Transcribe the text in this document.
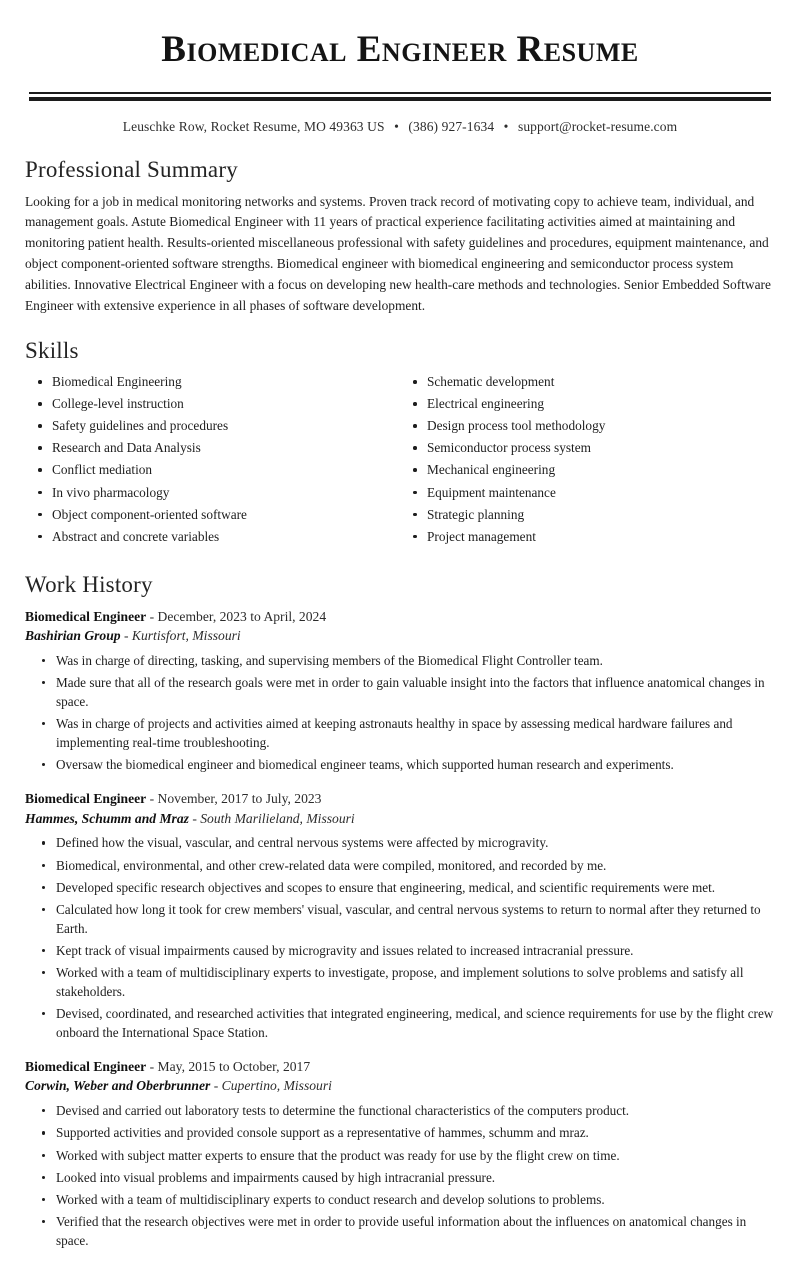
Biomedical Engineer Resume
Leuschke Row, Rocket Resume, MO 49363 US • (386) 927-1634 • support@rocket-resume.com
Professional Summary

Looking for a job in medical monitoring networks and systems. Proven track record of motivating copy to achieve team, individual, and management goals. Astute Biomedical Engineer with 11 years of practical experience facilitating activities aimed at maintaining and monitoring patient health. Results-oriented miscellaneous professional with safety guidelines and procedures, equipment maintenance, and object component-oriented software strengths. Biomedical engineer with biomedical engineering and semiconductor process system abilities. Innovative Electrical Engineer with a focus on developing new health-care methods and technologies. Senior Embedded Software Engineer with extensive experience in all phases of software development.

Skills
Biomedical Engineering
College-level instruction
Safety guidelines and procedures
Research and Data Analysis
Conflict mediation
In vivo pharmacology
Object component-oriented software
Abstract and concrete variables
Schematic development
Electrical engineering
Design process tool methodology
Semiconductor process system
Mechanical engineering
Equipment maintenance
Strategic planning
Project management
Work History
Biomedical Engineer - December, 2023 to April, 2024
Bashirian Group - Kurtisfort, Missouri
Was in charge of directing, tasking, and supervising members of the Biomedical Flight Controller team.
Made sure that all of the research goals were met in order to gain valuable insight into the factors that influence anatomical changes in space.
Was in charge of projects and activities aimed at keeping astronauts healthy in space by assessing medical hardware failures and implementing real-time troubleshooting.
Oversaw the biomedical engineer and biomedical engineer teams, which supported human research and experiments.
Biomedical Engineer - November, 2017 to July, 2023
Hammes, Schumm and Mraz - South Marilieland, Missouri
Defined how the visual, vascular, and central nervous systems were affected by microgravity.
Biomedical, environmental, and other crew-related data were compiled, monitored, and recorded by me.
Developed specific research objectives and scopes to ensure that engineering, medical, and scientific requirements were met.
Calculated how long it took for crew members' visual, vascular, and central nervous systems to return to normal after they returned to Earth.
Kept track of visual impairments caused by microgravity and issues related to increased intracranial pressure.
Worked with a team of multidisciplinary experts to investigate, propose, and implement solutions to solve problems and satisfy all stakeholders.
Devised, coordinated, and researched activities that integrated engineering, medical, and science requirements for use by the flight crew onboard the International Space Station.
Biomedical Engineer - May, 2015 to October, 2017
Corwin, Weber and Oberbrunner - Cupertino, Missouri
Devised and carried out laboratory tests to determine the functional characteristics of the computers product.
Supported activities and provided console support as a representative of hammes, schumm and mraz.
Worked with subject matter experts to ensure that the product was ready for use by the flight crew on time.
Looked into visual problems and impairments caused by high intracranial pressure.
Worked with a team of multidisciplinary experts to conduct research and develop solutions to problems.
Verified that the research objectives were met in order to provide useful information about the influences on anatomical changes in space.
